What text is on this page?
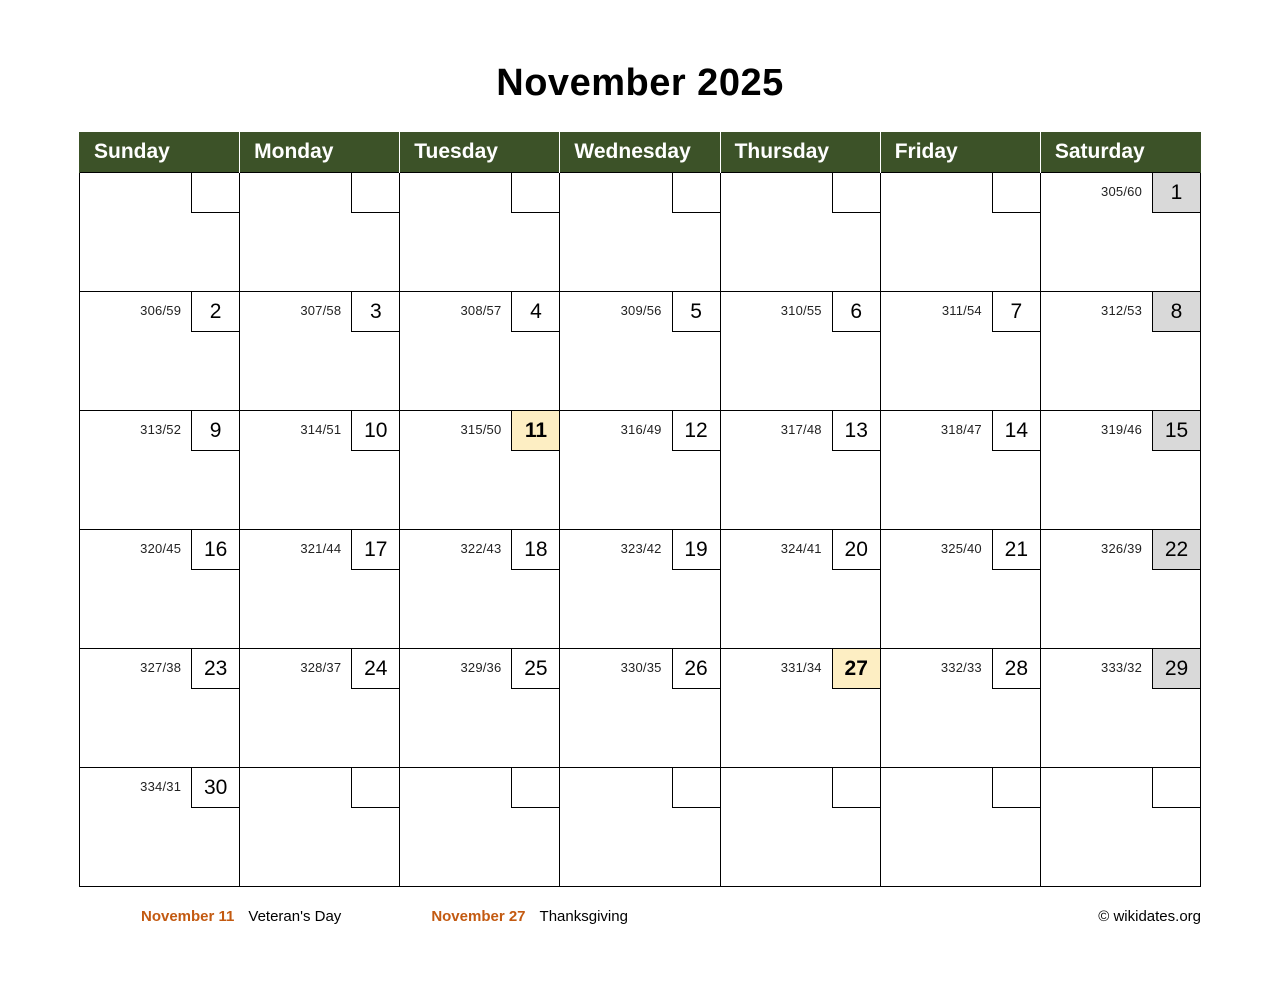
November 2025
Sunday	Monday	Tuesday	Wednesday	Thursday	Friday	Saturday

						305/60 1

306/59 2	307/58 3	308/57 4	309/56 5	310/55 6	311/54 7	312/53 8

313/52 9	314/51 10	315/50 11	316/49 12	317/48 13	318/47 14	319/46 15

320/45 16	321/44 17	322/43 18	323/42 19	324/41 20	325/40 21	326/39 22

327/38 23	328/37 24	329/36 25	330/35 26	331/34 27	332/33 28	333/32 29

334/31 30						

November 11 Veteran's Day	November 27 Thanksgiving	© wikidates.org
